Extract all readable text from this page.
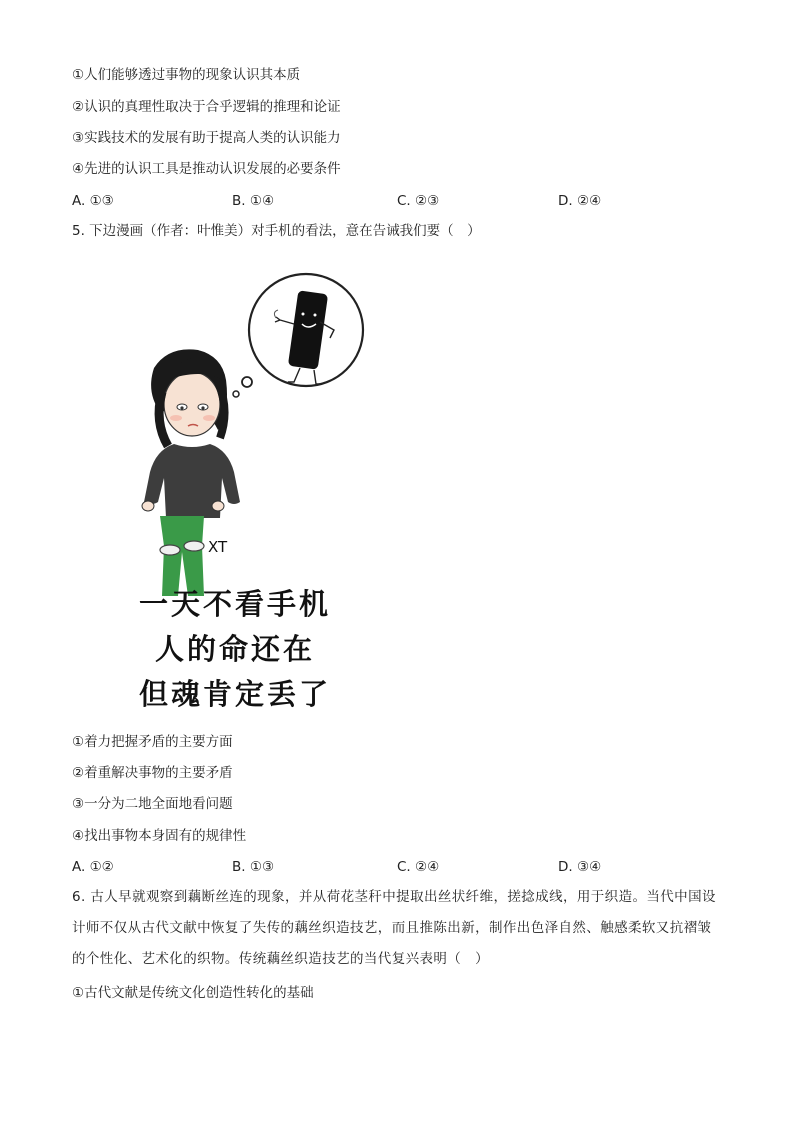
①人们能够透过事物的现象认识其本质

②认识的真理性取决于合乎逻辑的推理和论证

③实践技术的发展有助于提高人类的认识能力

④先进的认识工具是推动认识发展的必要条件

A. ①③	B. ①④	C. ②③	D. ②④

5. 下边漫画（作者：叶惟美）对手机的看法，意在告诫我们要（　）

XT

一天不看手机

人的命还在

但魂肯定丢了

①着力把握矛盾的主要方面

②着重解决事物的主要矛盾

③一分为二地全面地看问题

④找出事物本身固有的规律性

A. ①②	B. ①③	C. ②④	D. ③④
6. 古人早就观察到藕断丝连的现象，并从荷花茎秆中提取出丝状纤维，搓捻成线，用于织造。当代中国设
计师不仅从古代文献中恢复了失传的藕丝织造技艺，而且推陈出新，制作出色泽自然、触感柔软又抗褶皱
的个性化、艺术化的织物。传统藕丝织造技艺的当代复兴表明（　）

①古代文献是传统文化创造性转化的基础
